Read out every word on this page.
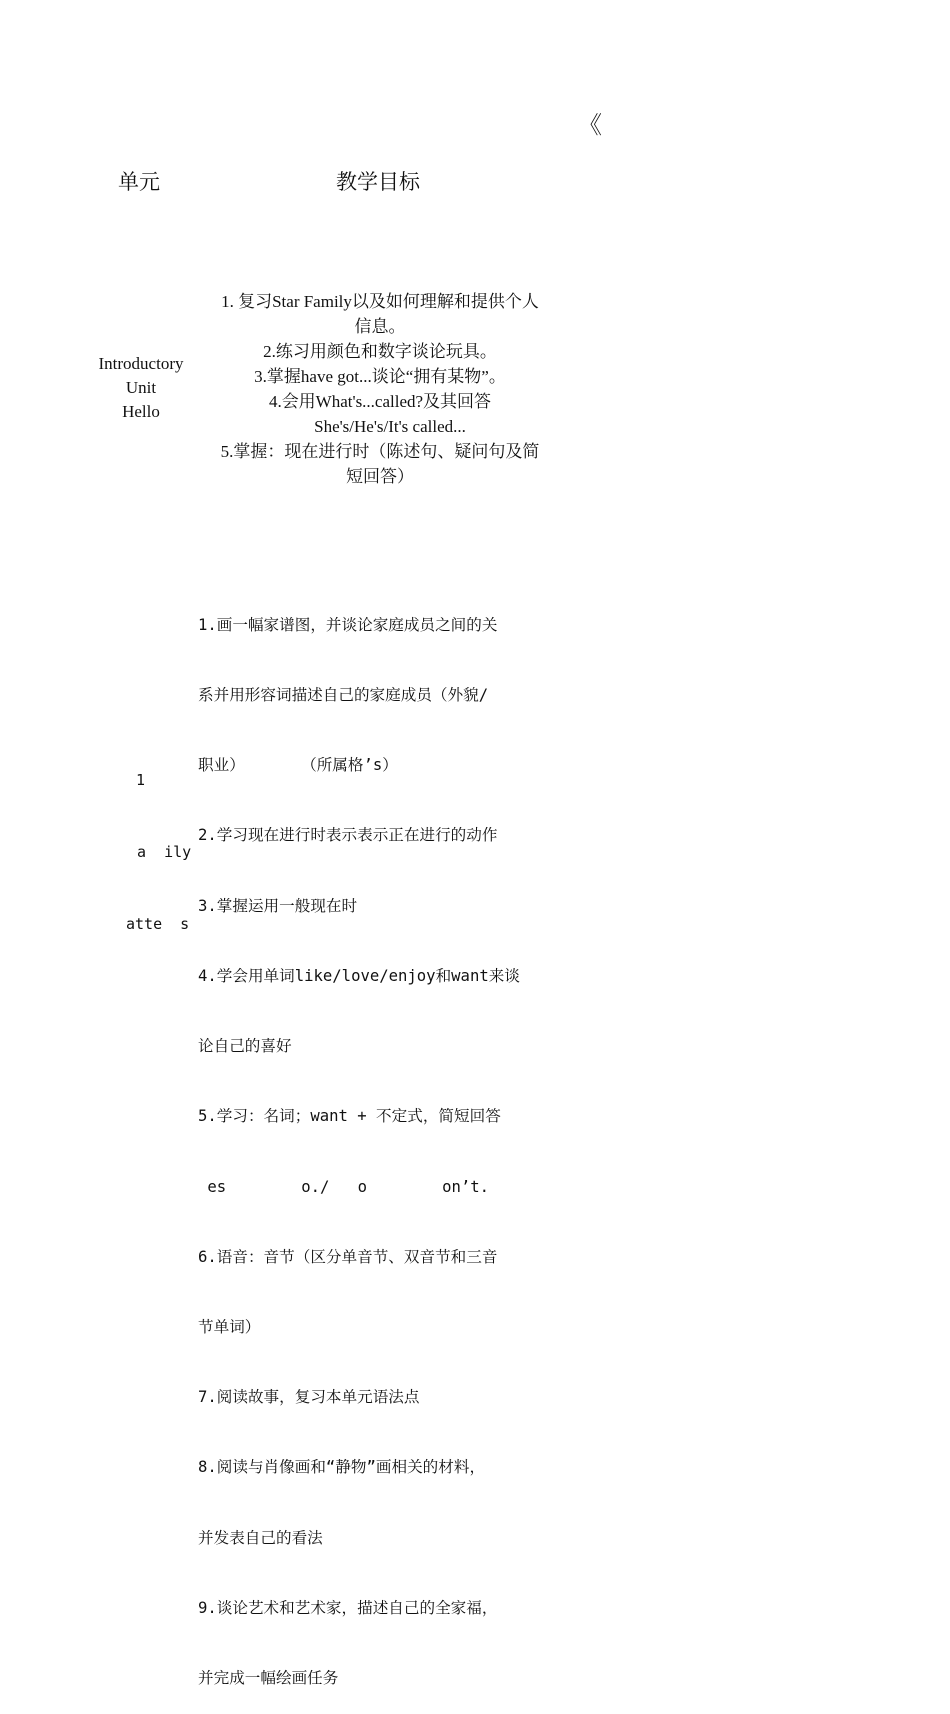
《
单元	教学目标
Introductory
Unit
Hello
1. 复习Star Family以及如何理解和提供个人
信息。
2.练习用颜色和数字谈论玩具。
3.掌握have got...谈论“拥有某物”。
4.会用What's...called?及其回答
She's/He's/It's called...
5.掌握：现在进行时（陈述句、疑问句及简
短回答）

1

a  ily

atte  s

1.画一幅家谱图，并谈论家庭成员之间的关

系并用形容词描述自己的家庭成员（外貌/

职业）      （所属格’s）

2.学习现在进行时表示表示正在进行的动作

3.掌握运用一般现在时

4.学会用单词like/love/enjoy和want来谈

论自己的喜好

5.学习：名词；want + 不定式，简短回答

es        o./   o        on’t.

6.语音：音节（区分单音节、双音节和三音

节单词）

7.阅读故事，复习本单元语法点

8.阅读与肖像画和“静物”画相关的材料，

并发表自己的看法

9.谈论艺术和艺术家，描述自己的全家福，

并完成一幅绘画任务
